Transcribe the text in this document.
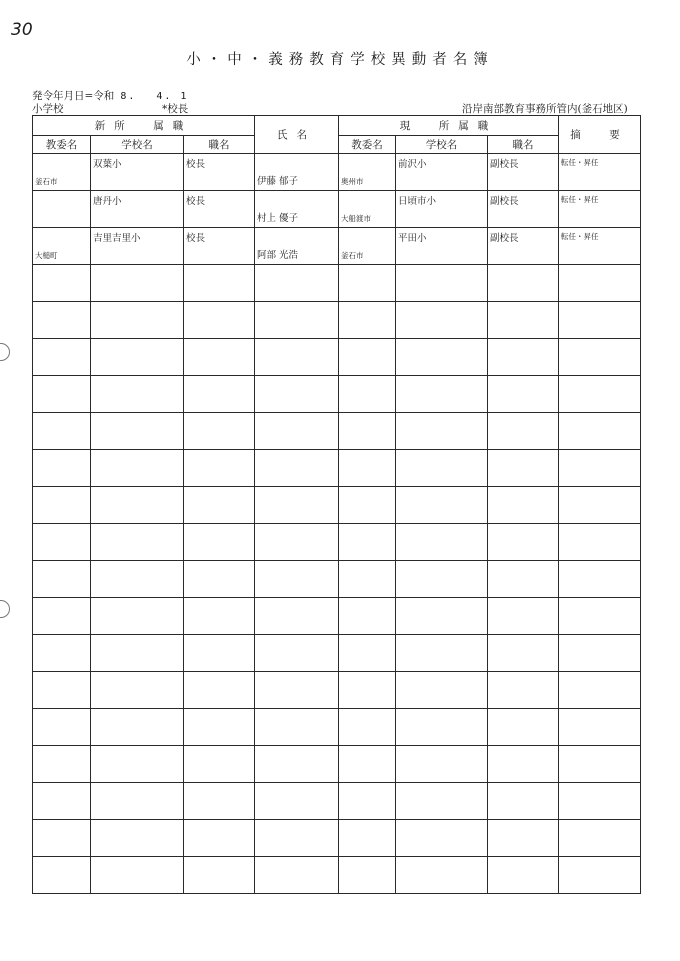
30
小・中・義務教育学校異動者名簿
発令年月日=令和 8.　 4. 1
小学校	*校長	沿岸南部教育事務所管内(釜石地区)
新所　属職			氏名	現　所属職			摘　要
教委名	学校名	職名		教委名	学校名	職名	

釜石市	双葉小	校長	伊藤 郁子	奥州市	前沢小	副校長	転任・昇任

	唐丹小	校長	村上 優子	大船渡市	日頃市小	副校長	転任・昇任

大槌町	吉里吉里小	校長	阿部 光浩	釜石市	平田小	副校長	転任・昇任
